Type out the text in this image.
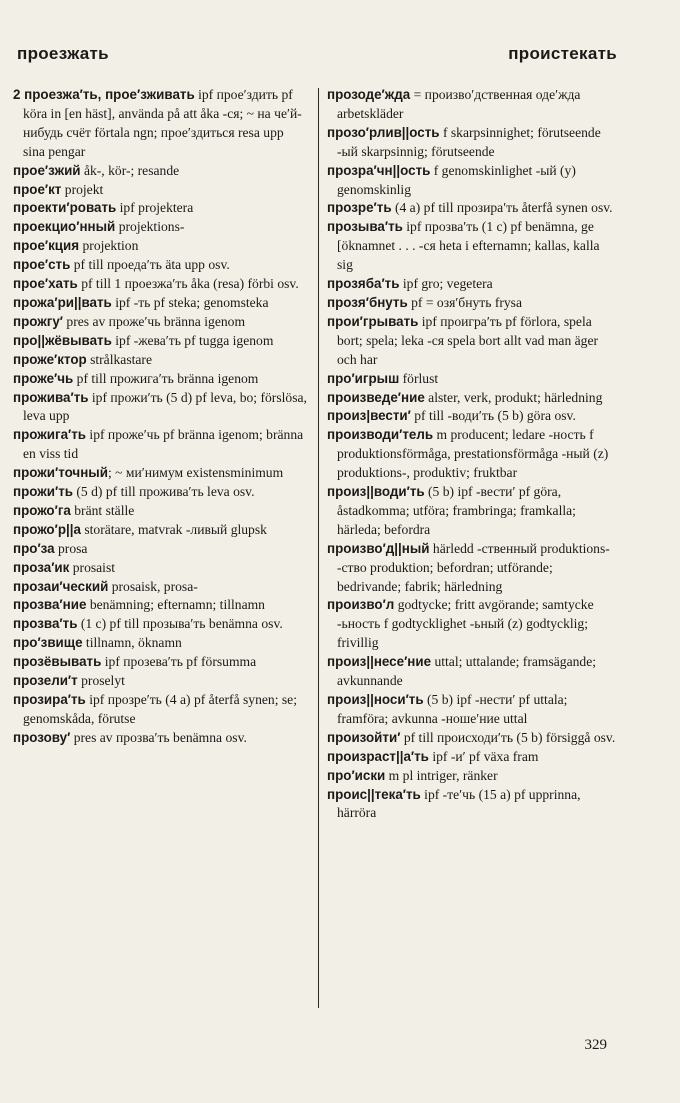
проезжать	проистекать

2 проезжа′ть, прое′зживать ipf прое′здить pf köra in [en häst], använda på att åka -ся; ~ на че′й-нибудь счёт förtala ngn; прое′здиться resa upp sina pengar

прое′зжий åk-, kör-; resande

прое′кт projekt

проекти′ровать ipf projektera

проекцио′нный projektions-

прое′кция projektion

прое′сть pf till проеда′ть äta upp osv.

прое′хать pf till 1 проезжа′ть åka (resa) förbi osv.

прожа′ри||вать ipf -ть pf steka; genomsteka

прожгу′ pres av проже′чь bränna igenom

про||жёвывать ipf -жева′ть pf tugga igenom

проже′ктор strålkastare

проже′чь pf till прожига′ть bränna igenom

прожива′ть ipf прожи′ть (5 d) pf leva, bo; förslösa, leva upp

прожига′ть ipf проже′чь pf bränna igenom; bränna en viss tid

прожи′точный; ~ ми′нимум existensminimum

прожи′ть (5 d) pf till прожива′ть leva osv.

прожо′га bränt ställe

прожо′р||а storätare, matvrak -ливый glupsk

про′за prosa

проза′ик prosaist

прозаи′ческий prosaisk, prosa-

прозва′ние benämning; efternamn; tillnamn

прозва′ть (1 c) pf till прозыва′ть benämna osv.

про′звище tillnamn, öknamn

прозёвывать ipf прозева′ть pf försumma

прозели′т proselyt

прозира′ть ipf прозре′ть (4 a) pf återfå synen; se; genomskåda, förutse

прозову′ pres av прозва′ть benämna osv.

прозоде′жда = произво′дственная оде′жда arbetskläder

прозо′рлив||ость f skarpsinnighet; förutseende -ый skarpsinnig; förutseende

прозра′чн||ость f genomskinlighet -ый (y) genomskinlig

прозре′ть (4 a) pf till прозира′ть återfå synen osv.

прозыва′ть ipf прозва′ть (1 c) pf benämna, ge [öknamnet . . . -ся heta i efternamn; kallas, kalla sig

прозяба′ть ipf gro; vegetera

прозя′бнуть pf = озя′бнуть frysa

прои′грывать ipf проигра′ть pf förlora, spela bort; spela; leka -ся spela bort allt vad man äger och har

про′игрыш förlust

произведе′ние alster, verk, produkt; härledning

произ|вести′ pf till -води′ть (5 b) göra osv.

производи′тель m producent; ledare -ность f produktionsförmåga, prestationsförmåga -ный (z) produktions-, produktiv; fruktbar

произ||води′ть (5 b) ipf -вести′ pf göra, åstadkomma; utföra; frambringa; framkalla; härleda; befordra

произво′д||ный härledd -ственный produktions- -ство produktion; befordran; utförande; bedrivande; fabrik; härledning

произво′л godtycke; fritt avgörande; samtycke -ьность f godtycklighet -ьный (z) godtycklig; frivillig

произ||несе′ние uttal; uttalande; framsägande; avkunnande

произ||носи′ть (5 b) ipf -нести′ pf uttala; framföra; avkunna -ноше′ние uttal

произойти′ pf till происходи′ть (5 b) försiggå osv.

произраст||а′ть ipf -и′ pf växa fram

про′иски m pl intriger, ränker

проис||текa′ть ipf -те′чь (15 a) pf upprinna, härröra

329
